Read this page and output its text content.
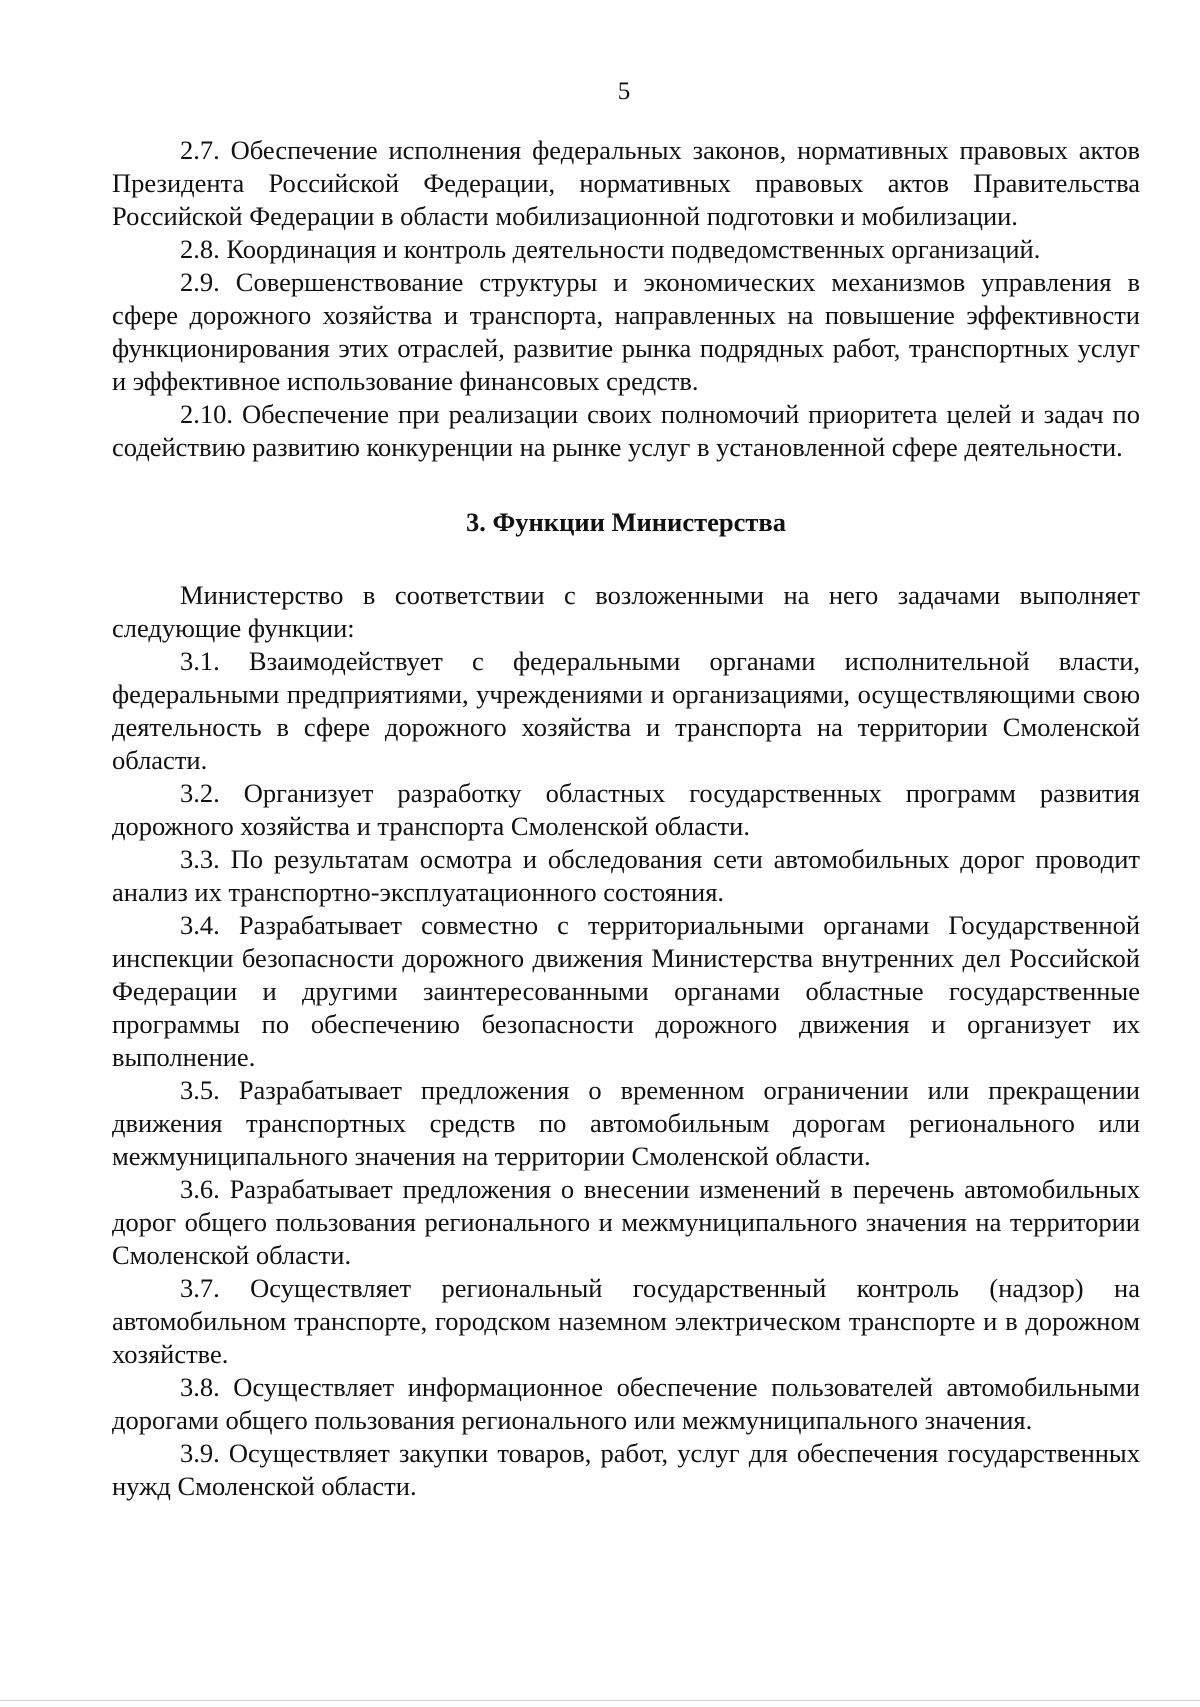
5

2.7. Обеспечение исполнения федеральных законов, нормативных правовых актов Президента Российской Федерации, нормативных правовых актов Правительства Российской Федерации в области мобилизационной подготовки и мобилизации.

2.8. Координация и контроль деятельности подведомственных организаций.

2.9. Совершенствование структуры и экономических механизмов управления в сфере дорожного хозяйства и транспорта, направленных на повышение эффективности функционирования этих отраслей, развитие рынка подрядных работ, транспортных услуг и эффективное использование финансовых средств.

2.10. Обеспечение при реализации своих полномочий приоритета целей и задач по содействию развитию конкуренции на рынке услуг в установленной сфере деятельности.

3. Функции Министерства

Министерство в соответствии с возложенными на него задачами выполняет следующие функции:

3.1. Взаимодействует с федеральными органами исполнительной власти, федеральными предприятиями, учреждениями и организациями, осуществляющими свою деятельность в сфере дорожного хозяйства и транспорта на территории Смоленской области.

3.2. Организует разработку областных государственных программ развития дорожного хозяйства и транспорта Смоленской области.

3.3. По результатам осмотра и обследования сети автомобильных дорог проводит анализ их транспортно-эксплуатационного состояния.

3.4. Разрабатывает совместно с территориальными органами Государственной инспекции безопасности дорожного движения Министерства внутренних дел Российской Федерации и другими заинтересованными органами областные государственные программы по обеспечению безопасности дорожного движения и организует их выполнение.

3.5. Разрабатывает предложения о временном ограничении или прекращении движения транспортных средств по автомобильным дорогам регионального или межмуниципального значения на территории Смоленской области.

3.6. Разрабатывает предложения о внесении изменений в перечень автомобильных дорог общего пользования регионального и межмуниципального значения на территории Смоленской области.

3.7. Осуществляет региональный государственный контроль (надзор) на автомобильном транспорте, городском наземном электрическом транспорте и в дорожном хозяйстве.

3.8. Осуществляет информационное обеспечение пользователей автомобильными дорогами общего пользования регионального или межмуниципального значения.

3.9. Осуществляет закупки товаров, работ, услуг для обеспечения государственных нужд Смоленской области.
